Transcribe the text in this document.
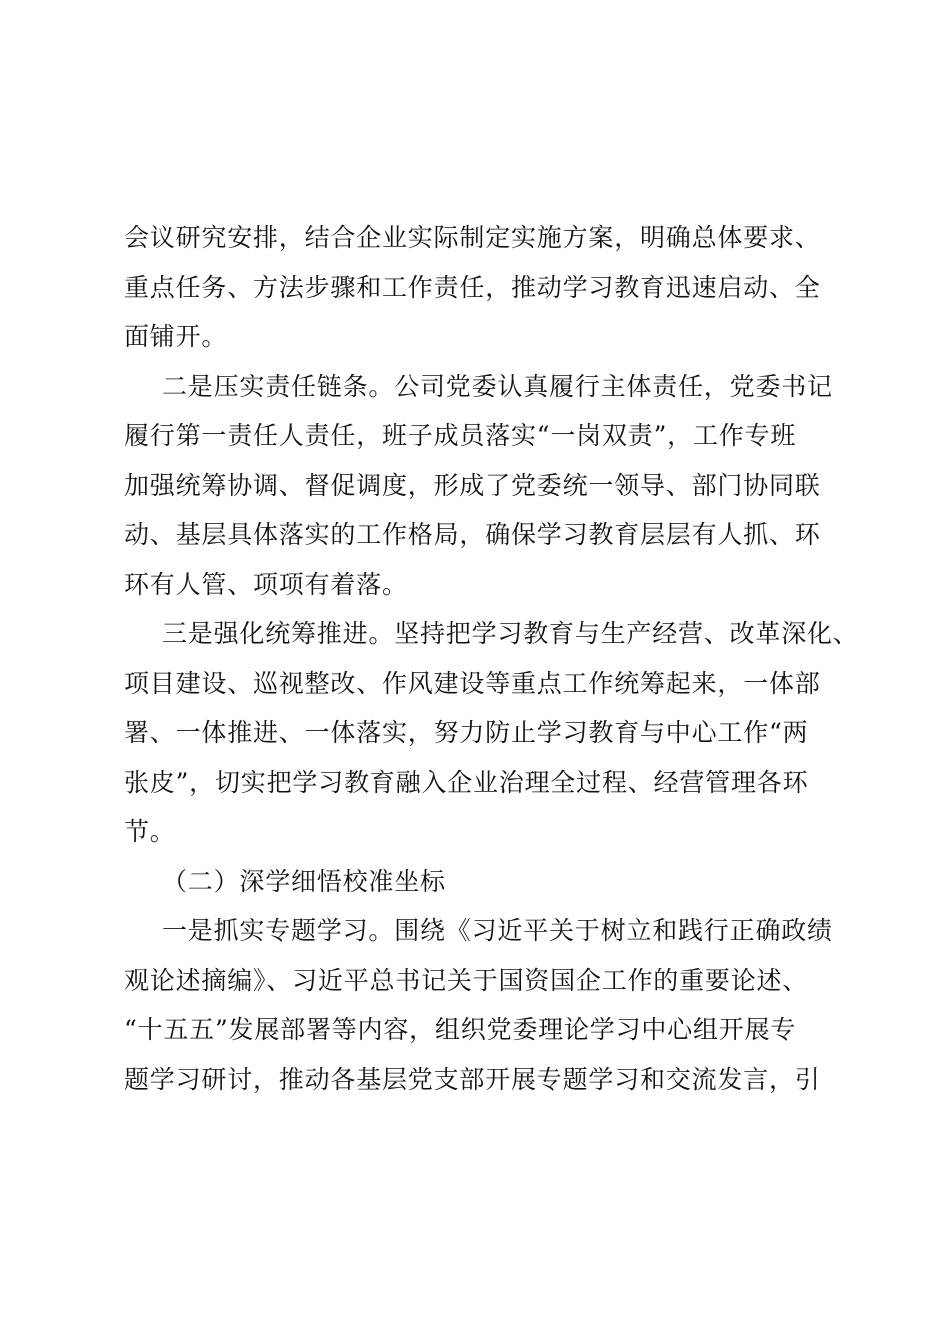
会议研究安排，结合企业实际制定实施方案，明确总体要求、
重点任务、方法步骤和工作责任，推动学习教育迅速启动、全
面铺开。
二是压实责任链条。公司党委认真履行主体责任，党委书记
履行第一责任人责任，班子成员落实“一岗双责”，工作专班
加强统筹协调、督促调度，形成了党委统一领导、部门协同联
动、基层具体落实的工作格局，确保学习教育层层有人抓、环
环有人管、项项有着落。
三是强化统筹推进。坚持把学习教育与生产经营、改革深化、
项目建设、巡视整改、作风建设等重点工作统筹起来，一体部
署、一体推进、一体落实，努力防止学习教育与中心工作“两
张皮”，切实把学习教育融入企业治理全过程、经营管理各环
节。
（二）深学细悟校准坐标
一是抓实专题学习。围绕《习近平关于树立和践行正确政绩
观论述摘编》、习近平总书记关于国资国企工作的重要论述、
“十五五”发展部署等内容，组织党委理论学习中心组开展专
题学习研讨，推动各基层党支部开展专题学习和交流发言，引
